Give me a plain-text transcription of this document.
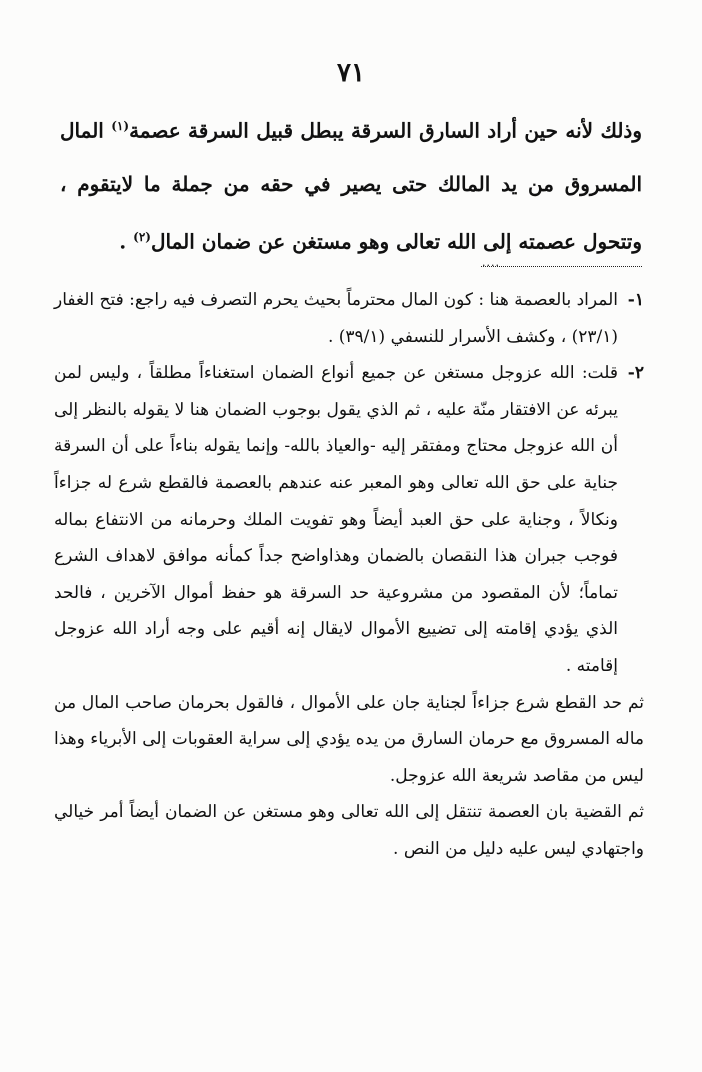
٧١

وذلك لأنه حين أراد السارق السرقة يبطل قبيل السرقة عصمة$^{(١)}$ المال المسروق من يد المالك حتى يصير في حقه من جملة ما لايتقوم ، وتتحول عصمته إلى الله تعالى وهو مستغن عن ضمان المال$^{(٢)}$ .

....

١-
المراد بالعصمة هنا : كون المال محترماً بحيث يحرم التصرف فيه راجع: فتح الغفار (٢٣/١) ، وكشف الأسرار للنسفي (٣٩/١) .

٢-
قلت: الله عزوجل مستغن عن جميع أنواع الضمان استغناءاً مطلقاً ، وليس لمن يبرئه عن الافتقار منّة عليه ، ثم الذي يقول بوجوب الضمان هنا لا يقوله بالنظر إلى أن الله عزوجل محتاج ومفتقر إليه -والعياذ بالله- وإنما يقوله بناءاً على أن السرقة جناية على حق الله تعالى وهو المعبر عنه عندهم بالعصمة فالقطع شرع له جزاءاً ونكالاً ، وجناية على حق العبد أيضاً وهو تفويت الملك وحرمانه من الانتفاع بماله فوجب جبران هذا النقصان بالضمان وهذاواضح جداً كمأنه موافق لاهداف الشرع تماماً؛ لأن المقصود من مشروعية حد السرقة هو حفظ أموال الآخرين ، فالحد الذي يؤدي إقامته إلى تضييع الأموال لايقال إنه أقيم على وجه أراد الله عزوجل إقامته .

ثم حد القطع شرع جزاءاً لجناية جان على الأموال ، فالقول بحرمان صاحب المال من ماله المسروق مع حرمان السارق من يده يؤدي إلى سراية العقوبات إلى الأبرياء وهذا ليس من مقاصد شريعة الله عزوجل.

ثم القضية بان العصمة تنتقل إلى الله تعالى وهو مستغن عن الضمان أيضاً أمر خيالي واجتهادي ليس عليه دليل من النص .
